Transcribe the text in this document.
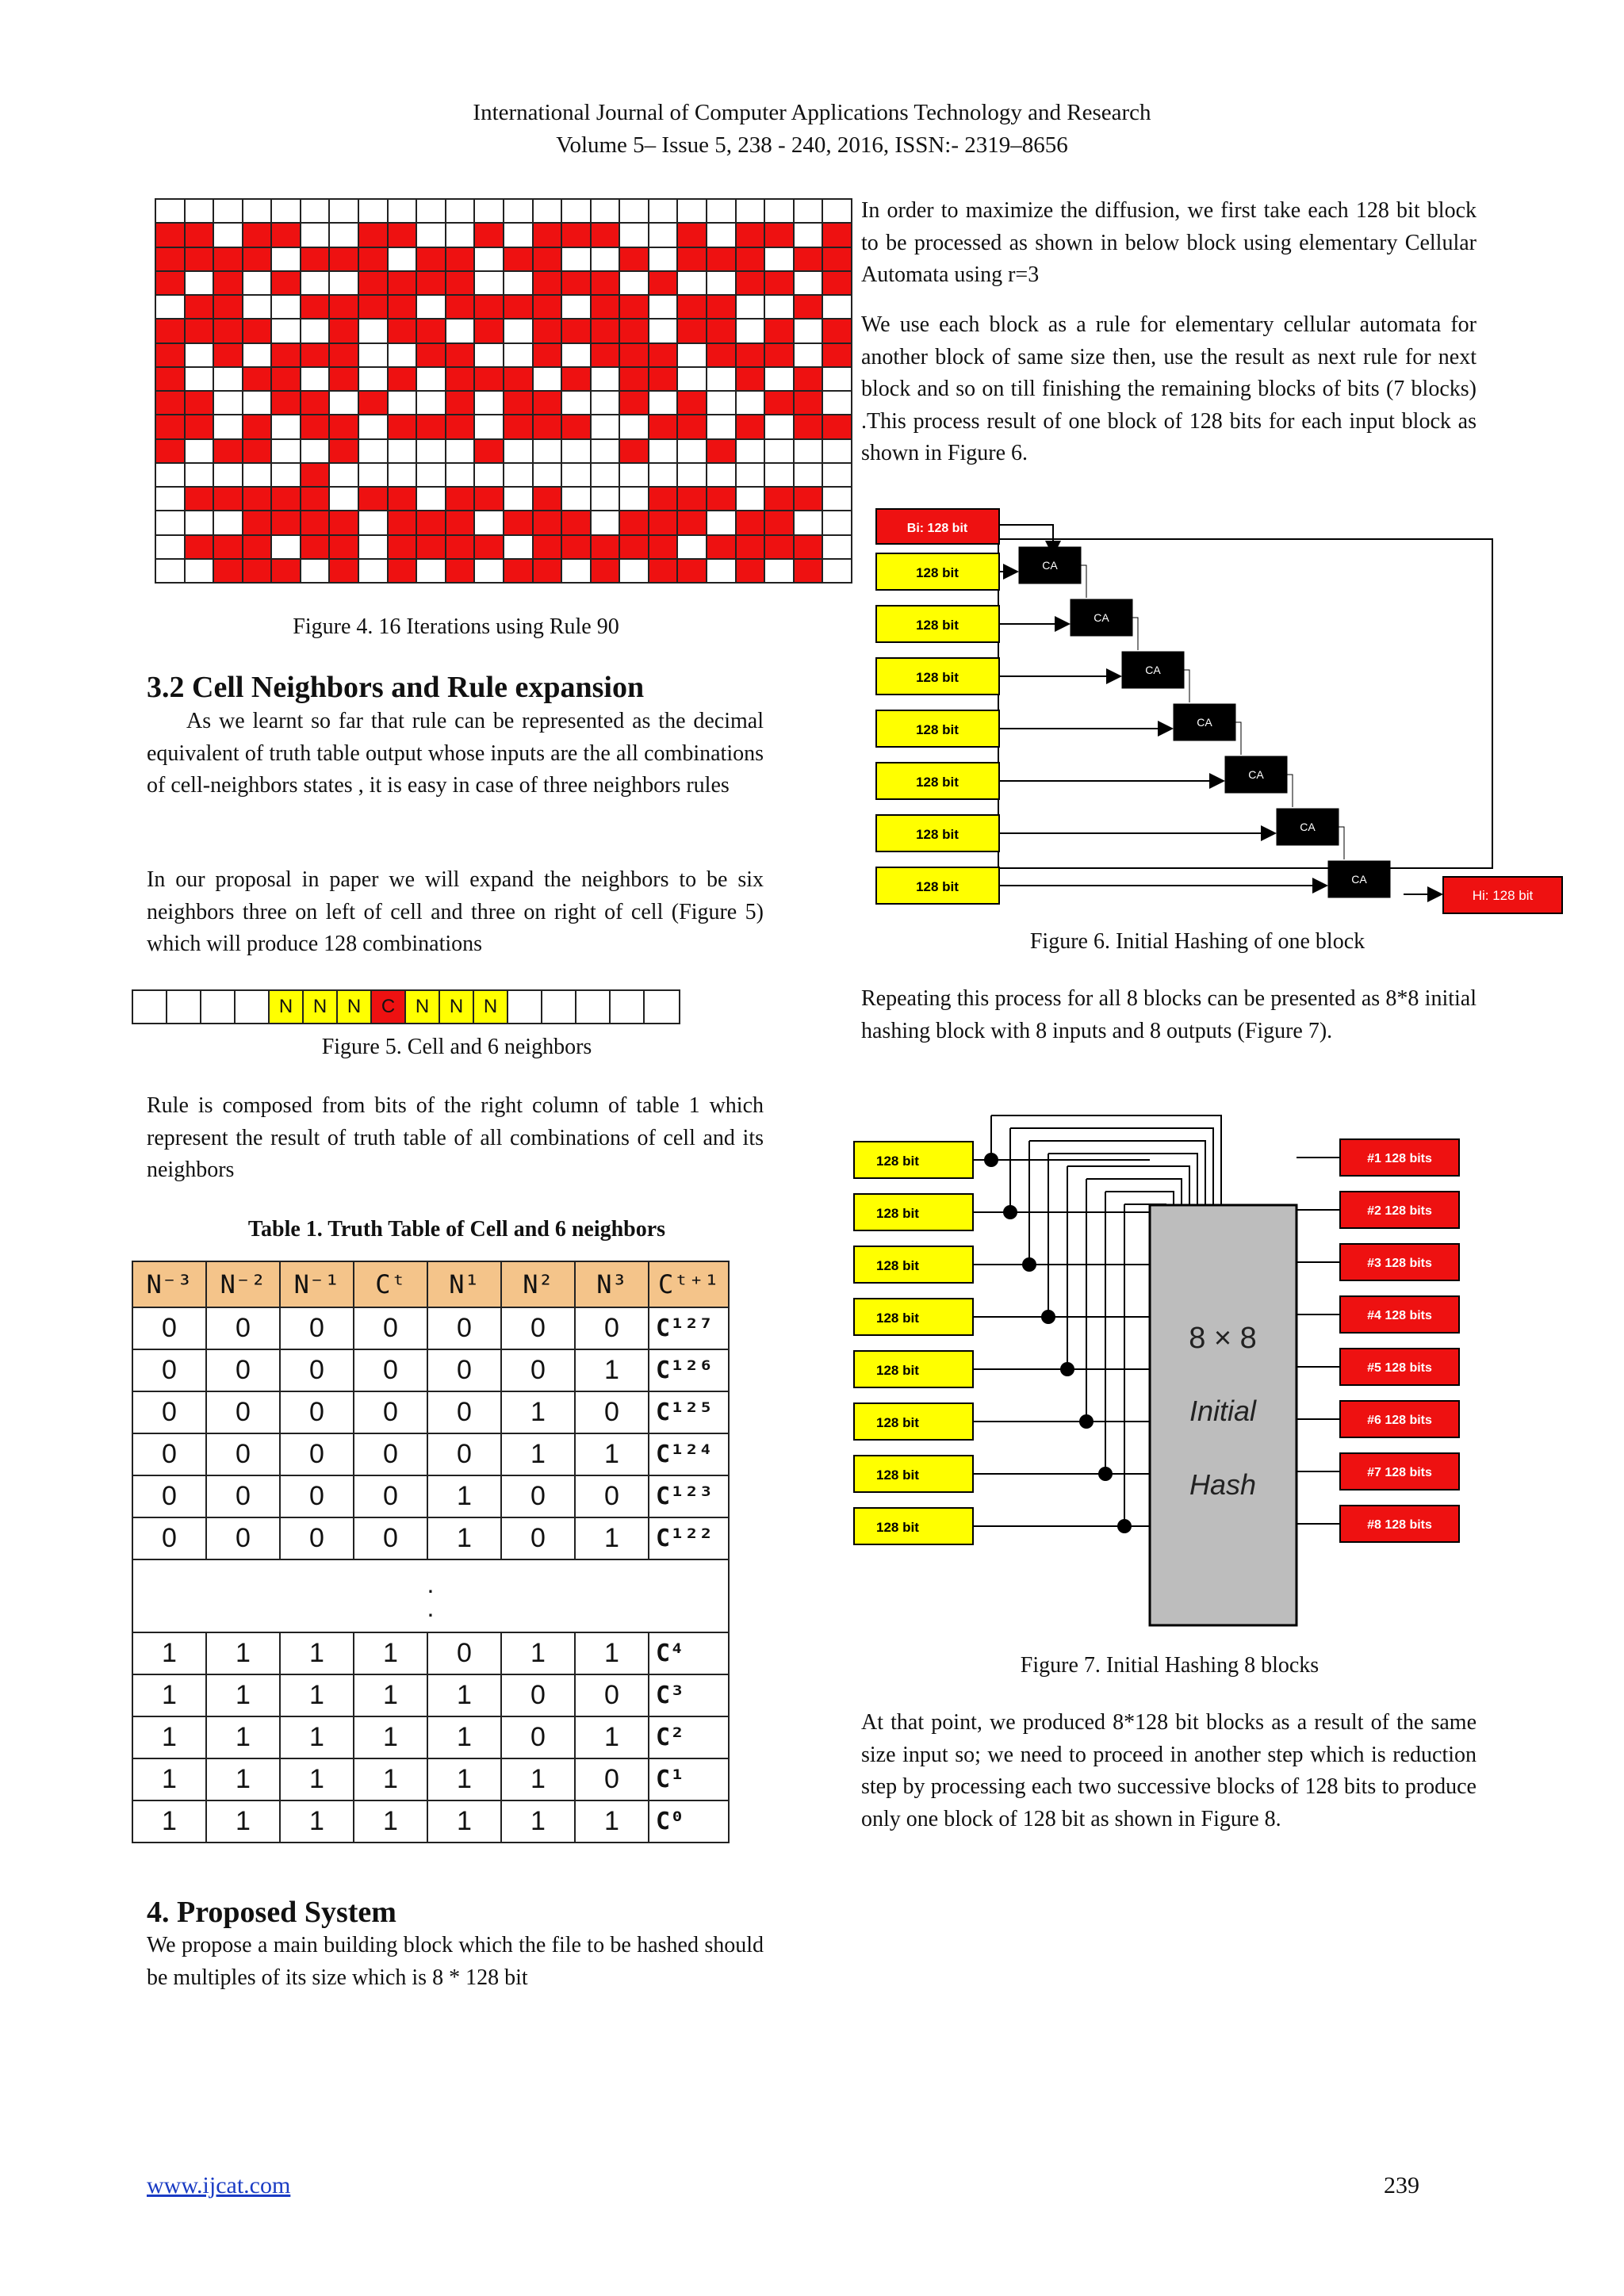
International Journal of Computer Applications Technology and Research
Volume 5– Issue 5, 238 - 240, 2016, ISSN:- 2319–8656
Figure 4. 16 Iterations using Rule 90
3.2 Cell Neighbors and Rule expansion
As we learnt so far that rule can be represented as the decimal equivalent of truth table output whose inputs are the all combinations of cell-neighbors states , it is easy in case of three neighbors rules
In our proposal in paper we will expand the neighbors to be six neighbors three on left of cell and three on right of cell (Figure 5) which will produce 128 combinations
N	N	N	C	N	N	N
Figure 5. Cell and 6 neighbors
Rule is composed from bits of the right column of table 1 which represent the result of truth table of all combinations of cell and its neighbors
Table 1. Truth Table of Cell and 6 neighbors
N⁻³	N⁻²	N⁻¹	Cᵗ	N¹	N²	N³	Cᵗ⁺¹
0	0	0	0	0	0	0	C¹²⁷
0	0	0	0	0	0	1	C¹²⁶
0	0	0	0	0	1	0	C¹²⁵
0	0	0	0	0	1	1	C¹²⁴
0	0	0	0	1	0	0	C¹²³
0	0	0	0	1	0	1	C¹²²
.
.							
1	1	1	1	0	1	1	C⁴
1	1	1	1	1	0	0	C³
1	1	1	1	1	0	1	C²
1	1	1	1	1	1	0	C¹
1	1	1	1	1	1	1	C⁰
4. Proposed System
We propose a main building block which the file to be hashed should be multiples of its size which is 8 * 128 bit
In order to maximize the diffusion, we first take each 128 bit block to be processed as shown in below block using elementary Cellular Automata using r=3
We use each block as a rule for elementary cellular automata for another block of same size then, use the result as next rule for next block and so on till finishing the remaining blocks of bits (7 blocks) .This process result of one block of 128 bits for each input block as shown in Figure 6.
Bi: 128 bit
128 bit	CA
128 bit	CA
128 bit	CA
128 bit	CA
128 bit	CA
128 bit	CA
128 bit	CA
Hi: 128 bit
Figure 6. Initial Hashing of one block
Repeating this process for all 8 blocks can be presented as 8*8 initial hashing block with 8 inputs and 8 outputs (Figure 7).
8 × 8
Initial
Hash
128 bit	#1 128 bits
128 bit	#2 128 bits
128 bit	#3 128 bits
128 bit	#4 128 bits
128 bit	#5 128 bits
128 bit	#6 128 bits
128 bit	#7 128 bits
128 bit	#8 128 bits
Figure 7. Initial Hashing 8 blocks
At that point, we produced 8*128 bit blocks as a result of the same size input so; we need to proceed in another step which is reduction step by processing each two successive blocks of 128 bits to produce only one block of 128 bit as shown in Figure 8.
www.ijcat.com	239
